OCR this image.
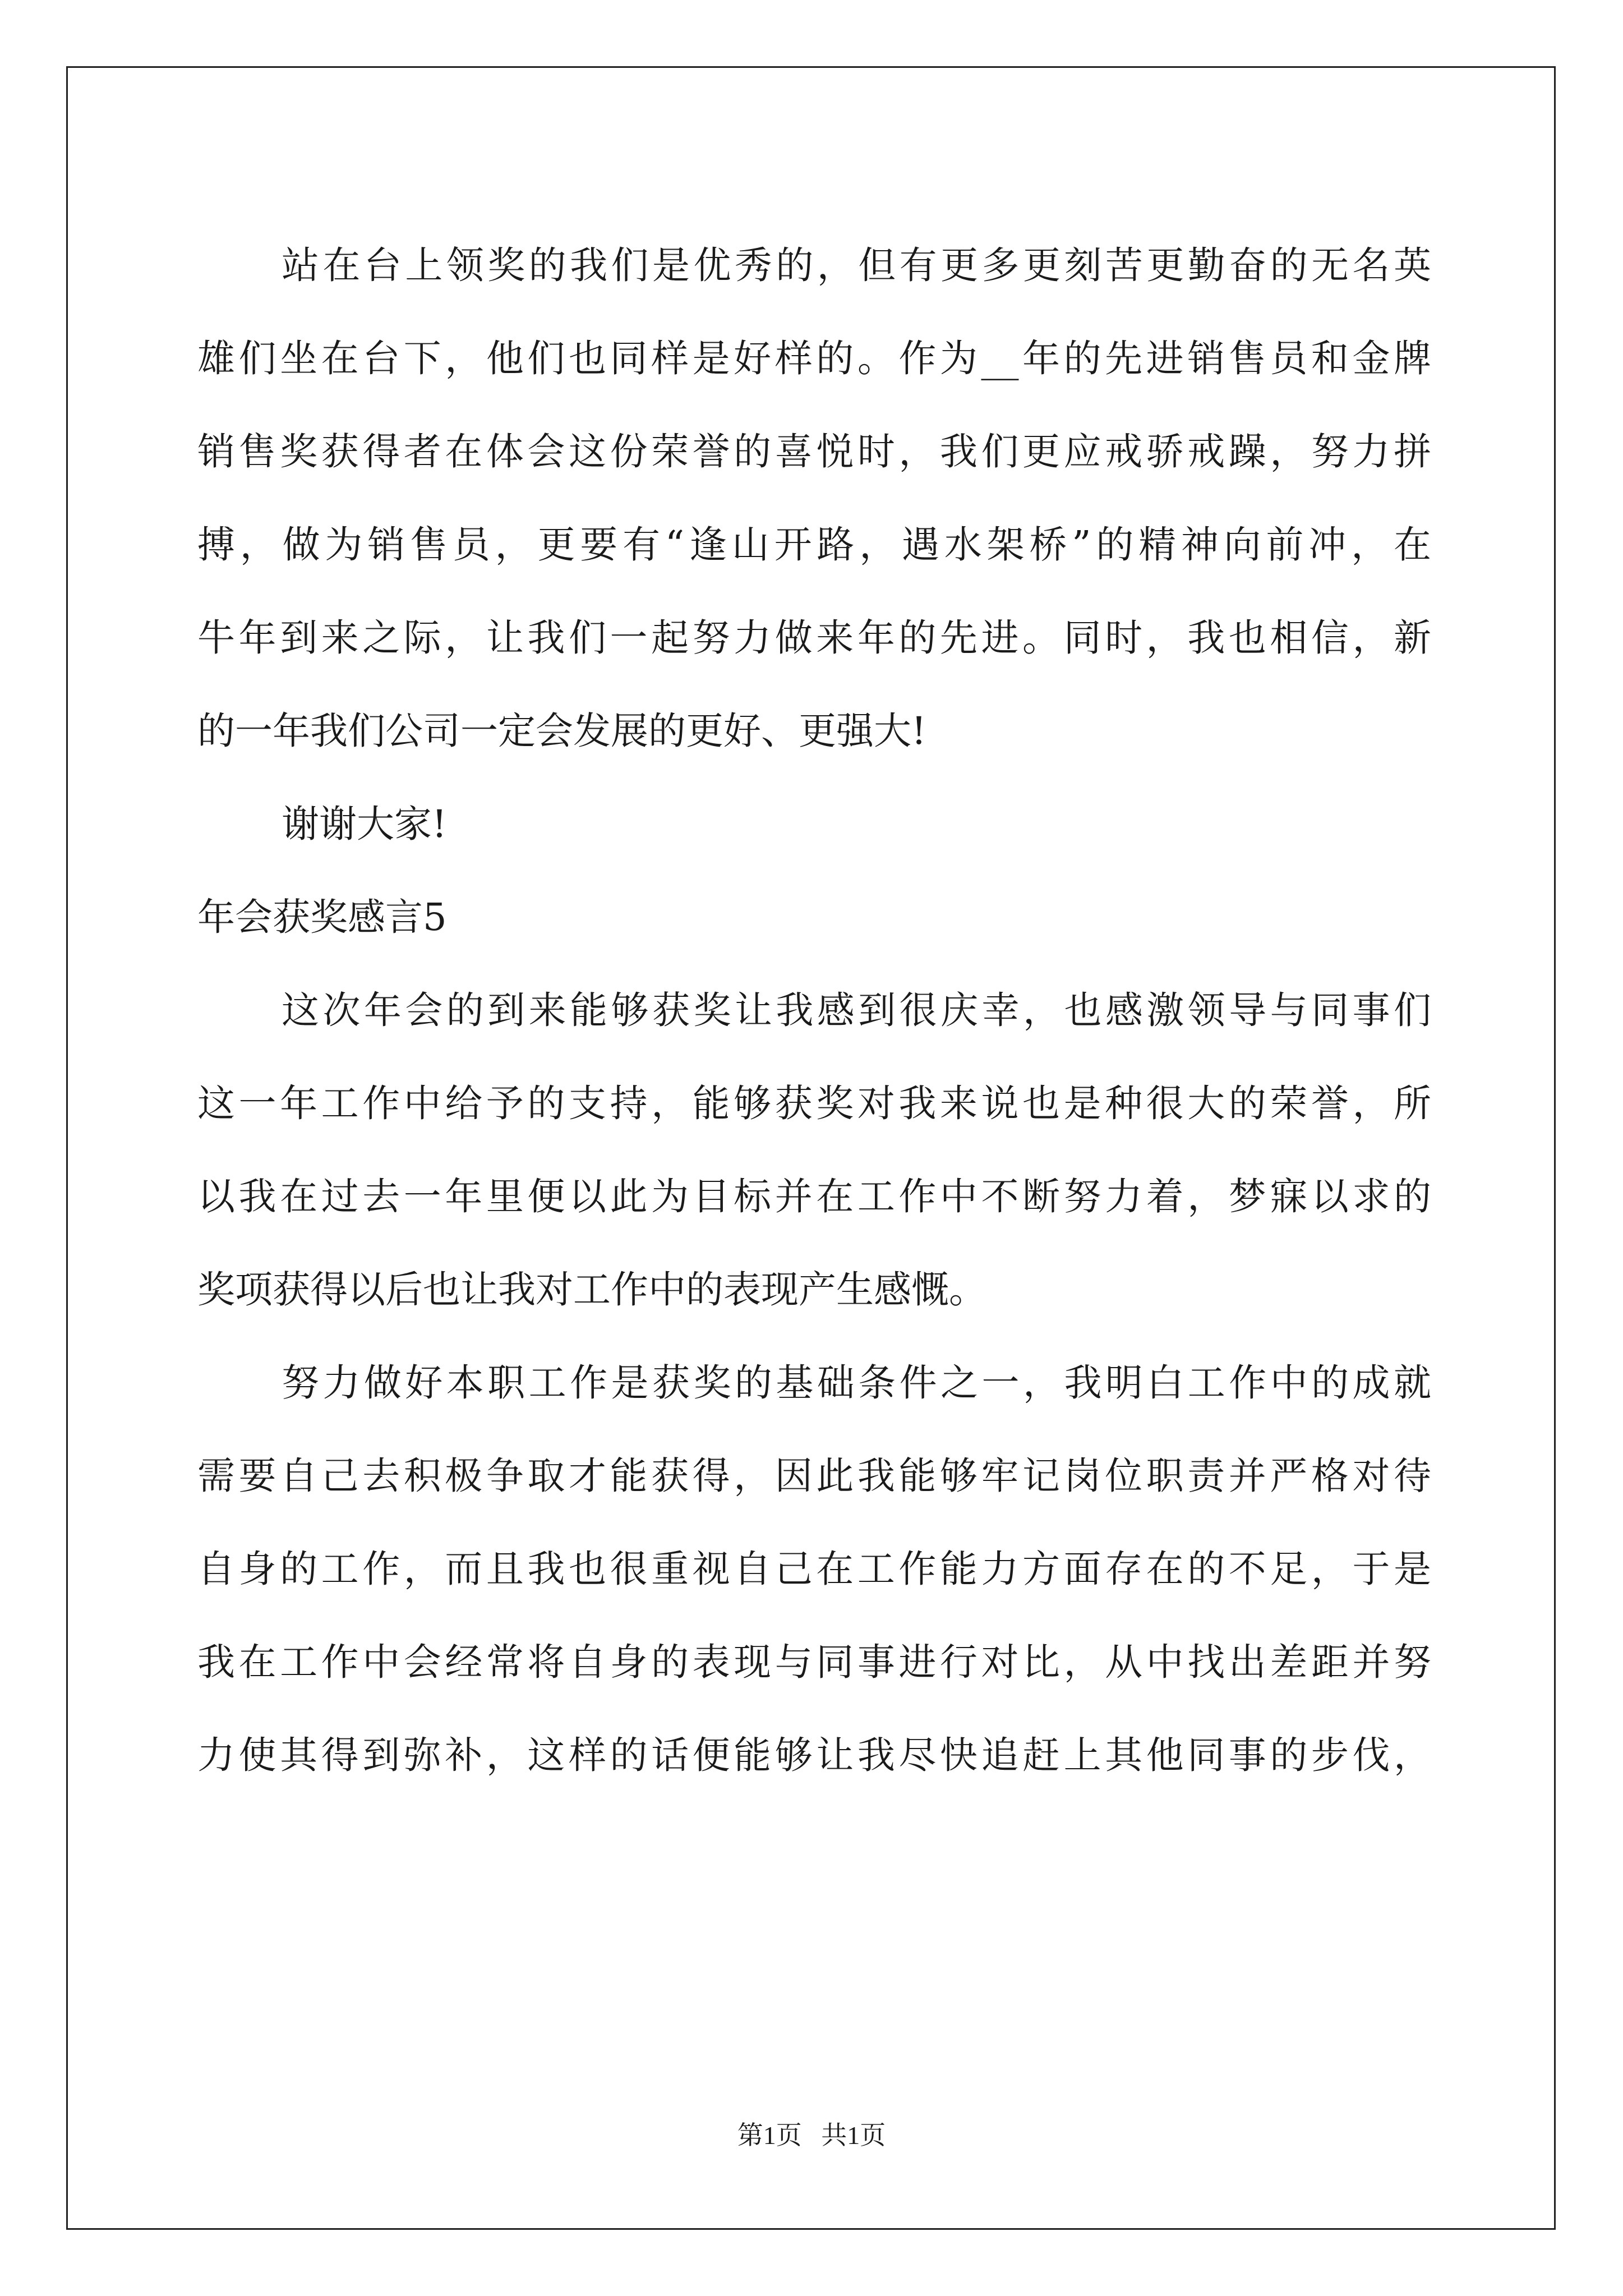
站在台上领奖的我们是优秀的，但有更多更刻苦更勤奋的无名英
雄们坐在台下，他们也同样是好样的。作为__年的先进销售员和金牌
销售奖获得者在体会这份荣誉的喜悦时，我们更应戒骄戒躁，努力拼
搏，做为销售员，更要有“逢山开路，遇水架桥”的精神向前冲，在
牛年到来之际，让我们一起努力做来年的先进。同时，我也相信，新
的一年我们公司一定会发展的更好、更强大!
谢谢大家!
年会获奖感言5
这次年会的到来能够获奖让我感到很庆幸，也感激领导与同事们
这一年工作中给予的支持，能够获奖对我来说也是种很大的荣誉，所
以我在过去一年里便以此为目标并在工作中不断努力着，梦寐以求的
奖项获得以后也让我对工作中的表现产生感慨。
努力做好本职工作是获奖的基础条件之一，我明白工作中的成就
需要自己去积极争取才能获得，因此我能够牢记岗位职责并严格对待
自身的工作，而且我也很重视自己在工作能力方面存在的不足，于是
我在工作中会经常将自身的表现与同事进行对比，从中找出差距并努
力使其得到弥补，这样的话便能够让我尽快追赶上其他同事的步伐，
第1页   共1页
